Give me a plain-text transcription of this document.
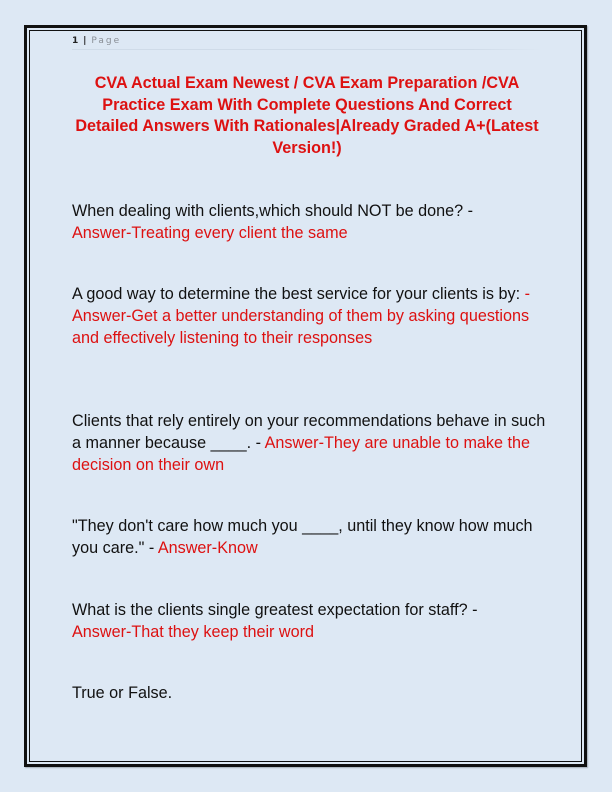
1 | Page
CVA Actual Exam Newest / CVA Exam Preparation /CVA Practice Exam With Complete Questions And Correct Detailed Answers With Rationales|Already Graded A+(Latest Version!)
When dealing with clients,which should NOT be done? -
Answer-Treating every client the same
A good way to determine the best service for your clients is by: - Answer-Get a better understanding of them by asking questions and effectively listening to their responses
Clients that rely entirely on your recommendations behave in such a manner because ____. - Answer-They are unable to make the decision on their own
"They don't care how much you ____, until they know how much you care." - Answer-Know
What is the clients single greatest expectation for staff? -
Answer-That they keep their word
True or False.
